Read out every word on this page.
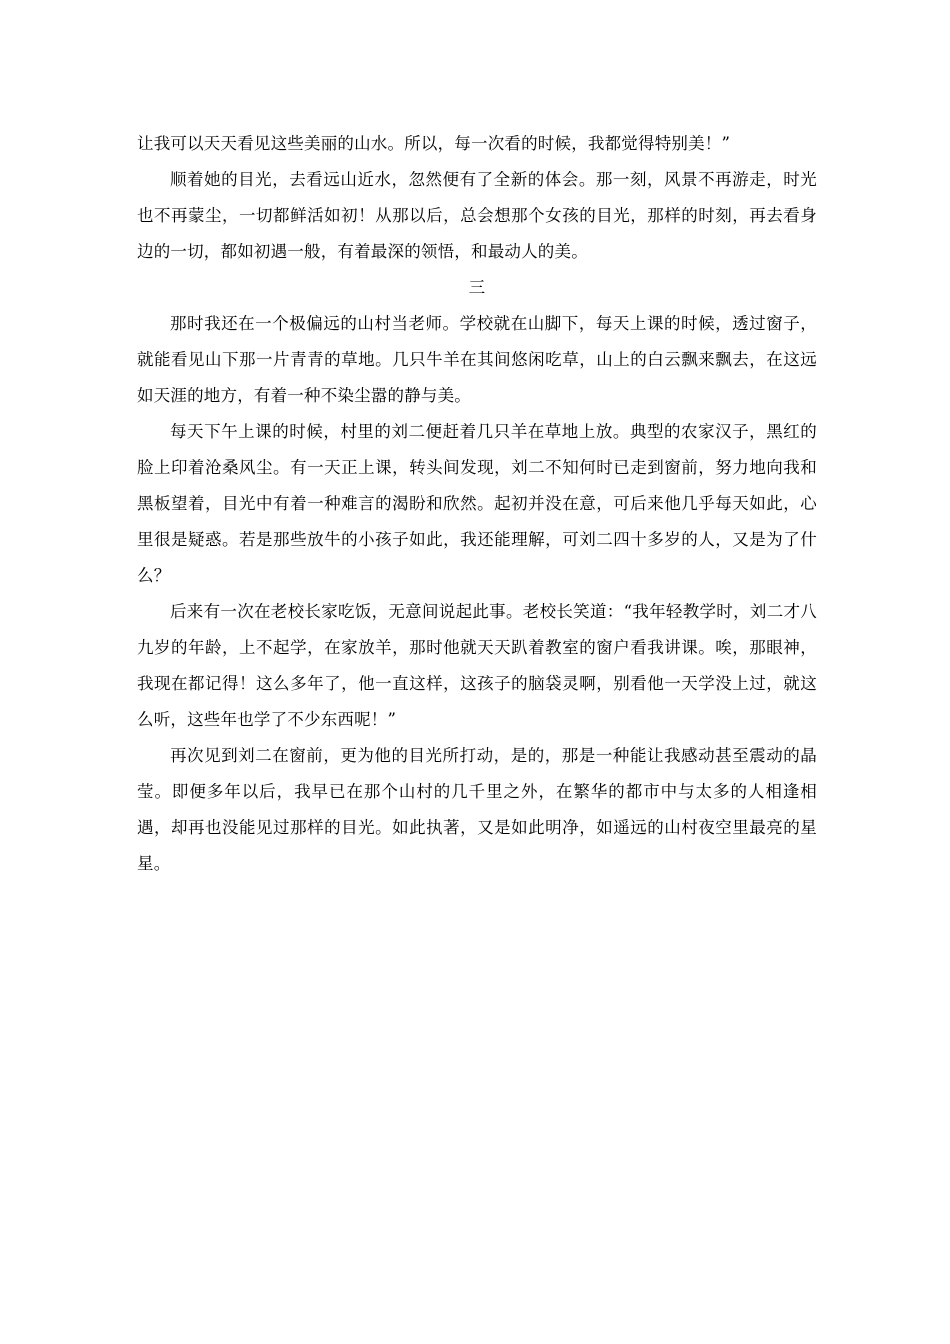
让我可以天天看见这些美丽的山水。所以，每一次看的时候，我都觉得特别美！”

顺着她的目光，去看远山近水，忽然便有了全新的体会。那一刻，风景不再游走，时光也不再蒙尘，一切都鲜活如初！从那以后，总会想那个女孩的目光，那样的时刻，再去看身边的一切，都如初遇一般，有着最深的领悟，和最动人的美。

三

那时我还在一个极偏远的山村当老师。学校就在山脚下，每天上课的时候，透过窗子，就能看见山下那一片青青的草地。几只牛羊在其间悠闲吃草，山上的白云飘来飘去，在这远如天涯的地方，有着一种不染尘嚣的静与美。

每天下午上课的时候，村里的刘二便赶着几只羊在草地上放。典型的农家汉子，黑红的脸上印着沧桑风尘。有一天正上课，转头间发现，刘二不知何时已走到窗前，努力地向我和黑板望着，目光中有着一种难言的渴盼和欣然。起初并没在意，可后来他几乎每天如此，心里很是疑惑。若是那些放牛的小孩子如此，我还能理解，可刘二四十多岁的人，又是为了什么？

后来有一次在老校长家吃饭，无意间说起此事。老校长笑道：“我年轻教学时，刘二才八九岁的年龄，上不起学，在家放羊，那时他就天天趴着教室的窗户看我讲课。唉，那眼神，我现在都记得！这么多年了，他一直这样，这孩子的脑袋灵啊，别看他一天学没上过，就这么听，这些年也学了不少东西呢！”

再次见到刘二在窗前，更为他的目光所打动，是的，那是一种能让我感动甚至震动的晶莹。即便多年以后，我早已在那个山村的几千里之外，在繁华的都市中与太多的人相逢相遇，却再也没能见过那样的目光。如此执著，又是如此明净，如遥远的山村夜空里最亮的星星。
